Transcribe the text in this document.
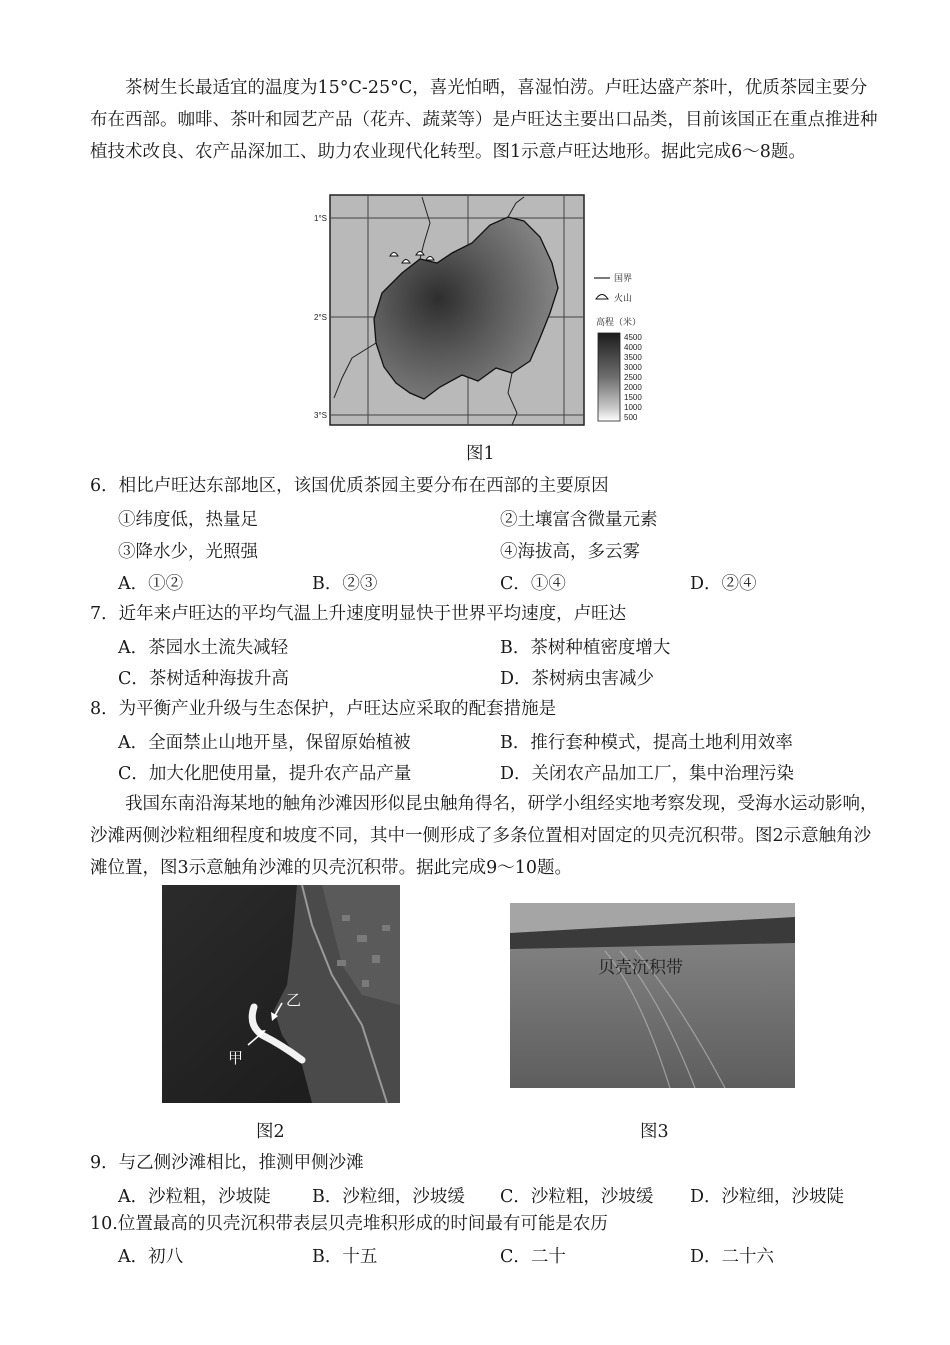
茶树生长最适宜的温度为15°C-25°C，喜光怕晒，喜湿怕涝。卢旺达盛产茶叶，优质茶园主要分布在西部。咖啡、茶叶和园艺产品（花卉、蔬菜等）是卢旺达主要出口品类，目前该国正在重点推进种植技术改良、农产品深加工、助力农业现代化转型。图1示意卢旺达地形。据此完成6～8题。
1°S
2°S
3°S
国界
火山
高程（米）
4500
4000
3500
3000
2500
2000
1500
1000
500
图1
6．相比卢旺达东部地区，该国优质茶园主要分布在西部的主要原因
①纬度低，热量足	②土壤富含微量元素
③降水少，光照强	④海拔高，多云雾
A．①②	B．②③	C．①④	D．②④
7．近年来卢旺达的平均气温上升速度明显快于世界平均速度，卢旺达
A．茶园水土流失减轻	B．茶树种植密度增大
C．茶树适种海拔升高	D．茶树病虫害减少
8．为平衡产业升级与生态保护，卢旺达应采取的配套措施是
A．全面禁止山地开垦，保留原始植被	B．推行套种模式，提高土地利用效率
C．加大化肥使用量，提升农产品产量	D．关闭农产品加工厂，集中治理污染
我国东南沿海某地的触角沙滩因形似昆虫触角得名，研学小组经实地考察发现，受海水运动影响，沙滩两侧沙粒粗细程度和坡度不同，其中一侧形成了多条位置相对固定的贝壳沉积带。图2示意触角沙滩位置，图3示意触角沙滩的贝壳沉积带。据此完成9～10题。
乙
甲
图2
贝壳沉积带
图3
9．与乙侧沙滩相比，推测甲侧沙滩
A．沙粒粗，沙坡陡 B．沙粒细，沙坡缓 C．沙粒粗，沙坡缓 D．沙粒细，沙坡陡
10.位置最高的贝壳沉积带表层贝壳堆积形成的时间最有可能是农历
A．初八	B．十五	C．二十	D．二十六
